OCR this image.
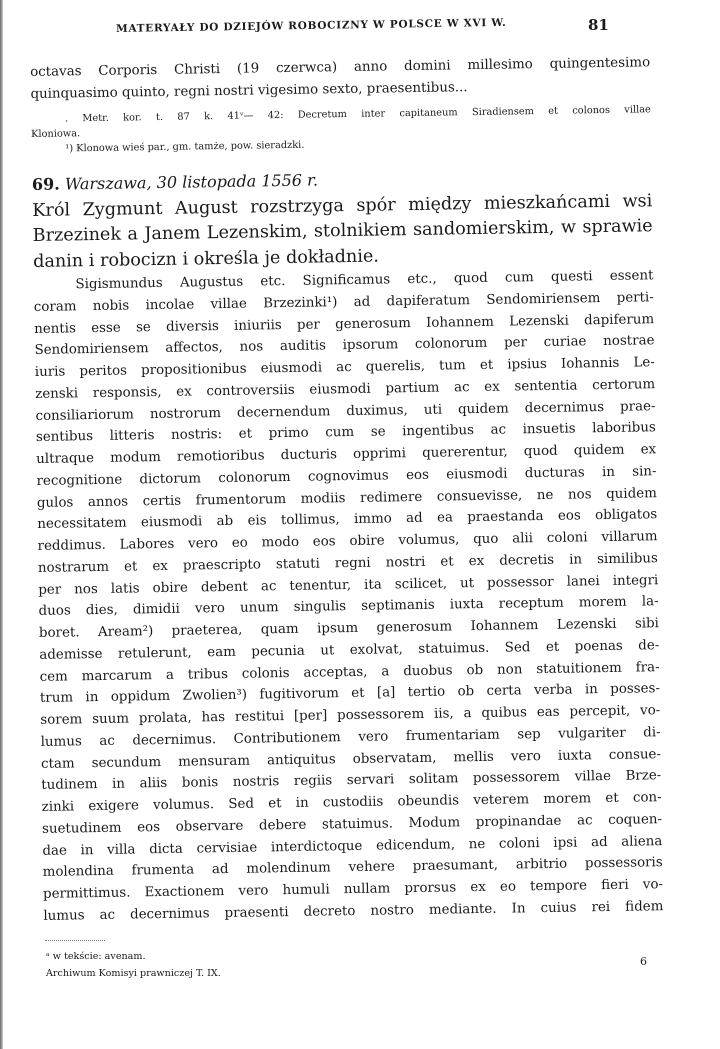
MATERYAŁY DO DZIEJÓW ROBOCIZNY W POLSCE W XVI W.	81
octavas Corporis Christi (19 czerwca) anno domini millesimo quingentesimo
quinquasimo quinto, regni nostri vigesimo sexto, praesentibus...
. Metr. kor. t. 87 k. 41ᵛ— 42: Decretum inter capitaneum Siradiensem et colonos villae
Kloniowa.
¹) Klonowa wieś par., gm. tamże, pow. sieradzki.
69. Warszawa, 30 listopada 1556 r.
Król Zygmunt August rozstrzyga spór między mieszkańcami wsi
Brzezinek a Janem Lezenskim, stolnikiem sandomierskim, w sprawie
danin i robocizn i określa je dokładnie.
Sigismundus Augustus etc. Significamus etc., quod cum questi essent
coram nobis incolae villae Brzezinki¹) ad dapiferatum Sendomiriensem perti-
nentis esse se diversis iniuriis per generosum Iohannem Lezenski dapiferum
Sendomiriensem affectos, nos auditis ipsorum colonorum per curiae nostrae
iuris peritos propositionibus eiusmodi ac querelis, tum et ipsius Iohannis Le-
zenski responsis, ex controversiis eiusmodi partium ac ex sententia certorum
consiliariorum nostrorum decernendum duximus, uti quidem decernimus prae-
sentibus litteris nostris: et primo cum se ingentibus ac insuetis laboribus
ultraque modum remotioribus ducturis opprimi quererentur, quod quidem ex
recognitione dictorum colonorum cognovimus eos eiusmodi ducturas in sin-
gulos annos certis frumentorum modiis redimere consuevisse, ne nos quidem
necessitatem eiusmodi ab eis tollimus, immo ad ea praestanda eos obligatos
reddimus. Labores vero eo modo eos obire volumus, quo alii coloni villarum
nostrarum et ex praescripto statuti regni nostri et ex decretis in similibus
per nos latis obire debent ac tenentur, ita scilicet, ut possessor lanei integri
duos dies, dimidii vero unum singulis septimanis iuxta receptum morem la-
boret. Aream²) praeterea, quam ipsum generosum Iohannem Lezenski sibi
ademisse retulerunt, eam pecunia ut exolvat, statuimus. Sed et poenas de-
cem marcarum a tribus colonis acceptas, a duobus ob non statuitionem fra-
trum in oppidum Zwolien³) fugitivorum et [a] tertio ob certa verba in posses-
sorem suum prolata, has restitui [per] possessorem iis, a quibus eas percepit, vo-
lumus ac decernimus. Contributionem vero frumentariam sep vulgariter di-
ctam secundum mensuram antiquitus observatam, mellis vero iuxta consue-
tudinem in aliis bonis nostris regiis servari solitam possessorem villae Brze-
zinki exigere volumus. Sed et in custodiis obeundis veterem morem et con-
suetudinem eos observare debere statuimus. Modum propinandae ac coquen-
dae in villa dicta cervisiae interdictoque edicendum, ne coloni ipsi ad aliena
molendina frumenta ad molendinum vehere praesumant, arbitrio possessoris
permittimus. Exactionem vero humuli nullam prorsus ex eo tempore fieri vo-
lumus ac decernimus praesenti decreto nostro mediante. In cuius rei fidem
ᵃ w tekście: avenam.
Archiwum Komisyi prawniczej T. IX.
6
